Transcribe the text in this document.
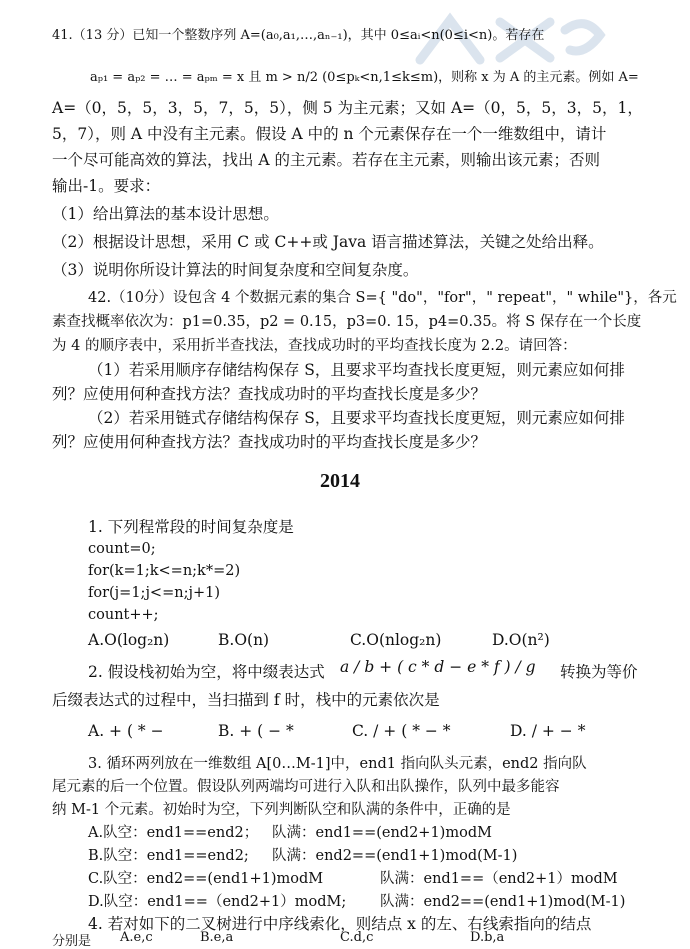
41.（13 分）已知一个整数序列 A=(a₀,a₁,…,aₙ₋₁)，其中 0≤aᵢ<n(0≤i<n)。若存在
aₚ₁ = aₚ₂ = … = aₚₘ = x 且 m > n/2 (0≤pₖ<n,1≤k≤m)，则称 x 为 A 的主元素。例如 A=
A=（0，5，5，3，5，7，5，5），侧 5 为主元素；又如 A=（0，5，5，3，5，1，
5，7），则 A 中没有主元素。假设 A 中的 n 个元素保存在一个一维数组中，请计
一个尽可能高效的算法，找出 A 的主元素。若存在主元素，则输出该元素；否则
输出-1。要求：
（1）给出算法的基本设计思想。
（2）根据设计思想，采用 C 或 C++或 Java 语言描述算法，关键之处给出释。
（3）说明你所设计算法的时间复杂度和空间复杂度。
42.（10分）设包含 4 个数据元素的集合 S={ "do"，"for"，" repeat"，" while"}，各元
素查找概率依次为：p1=0.35，p2 = 0.15，p3=0. 15，p4=0.35。将 S 保存在一个长度
为 4 的顺序表中，采用折半查找法，查找成功时的平均查找长度为 2.2。请回答：
（1）若采用顺序存储结构保存 S，且要求平均查找长度更短，则元素应如何排
列？应使用何种查找方法？查找成功时的平均查找长度是多少？
（2）若采用链式存储结构保存 S，且要求平均查找长度更短，则元素应如何排
列？应使用何种查找方法？查找成功时的平均查找长度是多少？
2014
1. 下列程常段的时间复杂度是
count=0;
for(k=1;k<=n;k*=2)
for(j=1;j<=n;j+1)
count++;
A.O(log₂n)	B.O(n)	C.O(nlog₂n)	D.O(n²)
2. 假设栈初始为空，将中缀表达式 a / b + ( c * d − e * f ) / g 转换为等价
后缀表达式的过程中，当扫描到 f 时，栈中的元素依次是
A. + ( * −	B. + ( − *	C. / + ( * − *	D. / + − *
3. 循环两列放在一维数组 A[0…M-1]中，end1 指向队头元素，end2 指向队
尾元素的后一个位置。假设队列两端均可进行入队和出队操作，队列中最多能容
纳 M-1 个元素。初始时为空，下列判断队空和队满的条件中，正确的是
A.队空：end1==end2； 队满：end1==(end2+1)modM
B.队空：end1==end2; 队满：end2==(end1+1)mod(M-1)
C.队空：end2==(end1+1)modM	队满：end1==（end2+1）modM
D.队空：end1==（end2+1）modM; 队满：end2==(end1+1)mod(M-1)
4. 若对如下的二叉树进行中序线索化，则结点 x 的左、右线索指向的结点
分别是 A.e,c	B.e,a	C.d,c	D.b,a
